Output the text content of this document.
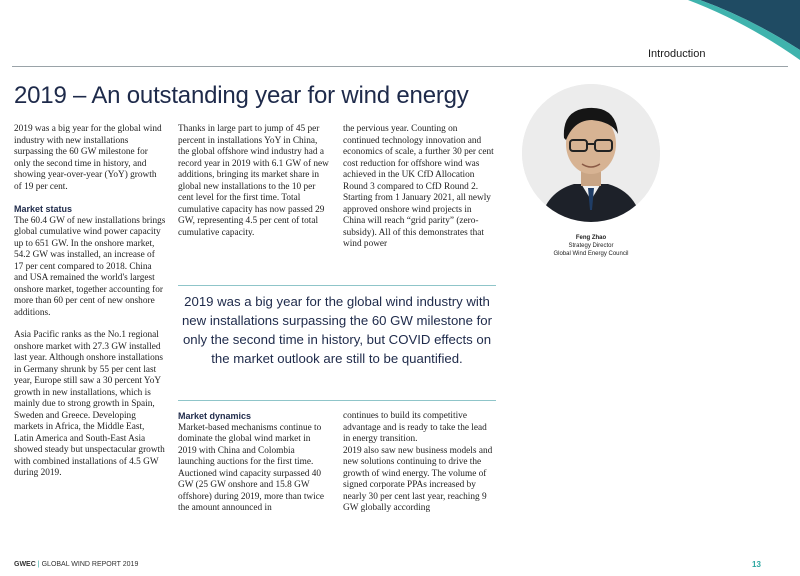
Introduction
2019 – An outstanding year for wind energy
Feng Zhao
Strategy Director
Global Wind Energy Council

2019 was a big year for the global wind industry with new installations surpassing the 60 GW milestone for only the second time in history, and showing year-over-year (YoY) growth of 19 per cent.

Market status

The 60.4 GW of new installations brings global cumulative wind power capacity up to 651 GW. In the onshore market, 54.2 GW was installed, an increase of 17 per cent compared to 2018. China and USA remained the world's largest onshore market, together accounting for more than 60 per cent of new onshore additions.

Asia Pacific ranks as the No.1 regional onshore market with 27.3 GW installed last year. Although onshore installations in Germany shrunk by 55 per cent last year, Europe still saw a 30 percent YoY growth in new installations, which is mainly due to strong growth in Spain, Sweden and Greece. Developing markets in Africa, the Middle East, Latin America and South-East Asia showed steady but unspectacular growth with combined installations of 4.5 GW during 2019.

Thanks in large part to jump of 45 per percent in installations YoY in China, the global offshore wind industry had a record year in 2019 with 6.1 GW of new additions, bringing its market share in global new installations to the 10 per cent level for the first time. Total cumulative capacity has now passed 29 GW, representing 4.5 per cent of total cumulative capacity.

the pervious year. Counting on continued technology innovation and economics of scale, a further 30 per cent cost reduction for offshore wind was achieved in the UK CfD Allocation Round 3 compared to CfD Round 2. Starting from 1 January 2021, all newly approved onshore wind projects in China will reach “grid parity” (zero- subsidy). All of this demonstrates that wind power

2019 was a big year for the global wind industry with new installations surpassing the 60 GW milestone for only the second time in history, but COVID effects on the market outlook are still to be quantified.
Market dynamics

Market-based mechanisms continue to dominate the global wind market in 2019 with China and Colombia launching auctions for the first time. Auctioned wind capacity surpassed 40 GW (25 GW onshore and 15.8 GW offshore) during 2019, more than twice the amount announced in

continues to build its competitive advantage and is ready to take the lead in energy transition.

2019 also saw new business models and new solutions continuing to drive the growth of wind energy. The volume of signed corporate PPAs increased by nearly 30 per cent last year, reaching 9 GW globally according

GWEC | GLOBAL WIND REPORT 2019	13
